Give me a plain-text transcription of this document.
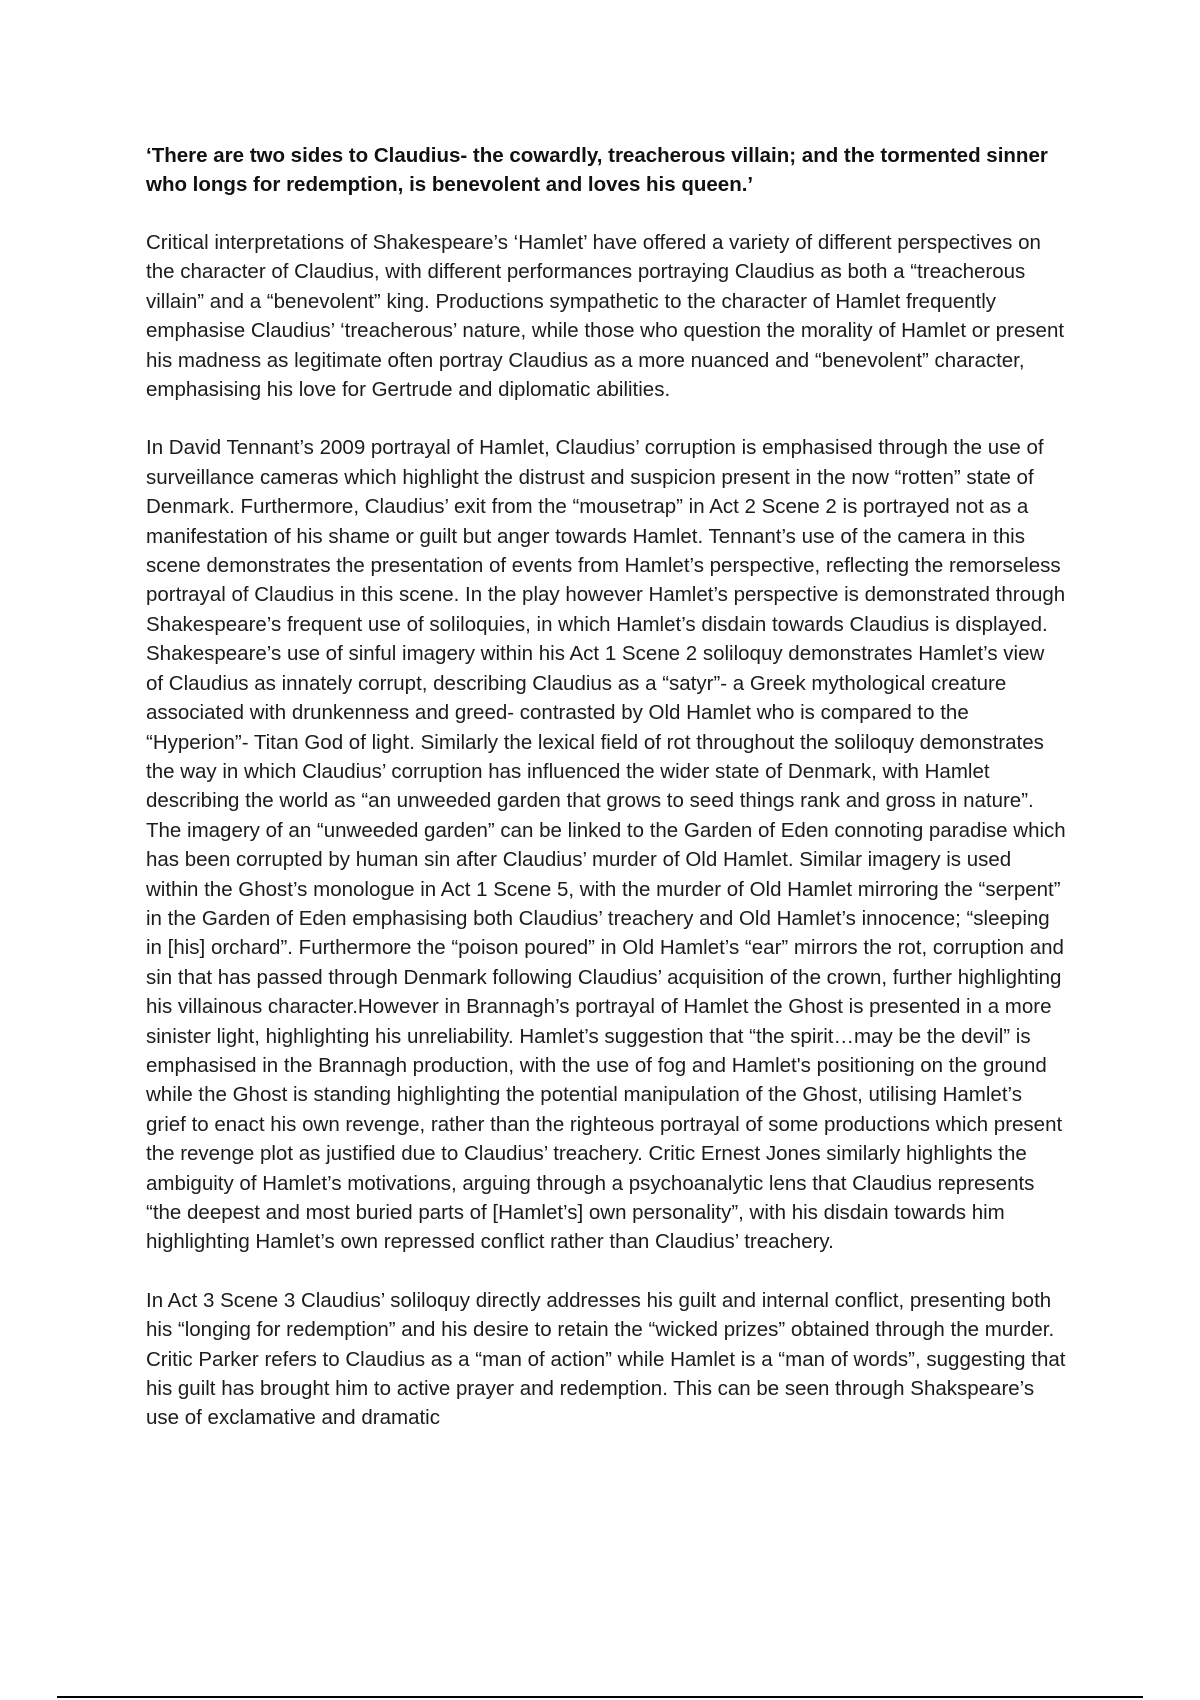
‘There are two sides to Claudius- the cowardly, treacherous villain; and the tormented sinner who longs for redemption, is benevolent and loves his queen.’

Critical interpretations of Shakespeare’s ‘Hamlet’ have offered a variety of different perspectives on the character of Claudius, with different performances portraying Claudius as both a “treacherous villain” and a “benevolent” king. Productions sympathetic to the character of Hamlet frequently emphasise Claudius’ ‘treacherous’ nature, while those who question the morality of Hamlet or present his madness as legitimate often portray Claudius as a more nuanced and “benevolent” character, emphasising his love for Gertrude and diplomatic abilities.

In David Tennant’s 2009 portrayal of Hamlet, Claudius’ corruption is emphasised through the use of surveillance cameras which highlight the distrust and suspicion present in the now “rotten” state of Denmark. Furthermore, Claudius’ exit from the “mousetrap” in Act 2 Scene 2 is portrayed not as a manifestation of his shame or guilt but anger towards Hamlet. Tennant’s use of the camera in this scene demonstrates the presentation of events from Hamlet’s perspective, reflecting the remorseless portrayal of Claudius in this scene. In the play however Hamlet’s perspective is demonstrated through Shakespeare’s frequent use of soliloquies, in which Hamlet’s disdain towards Claudius is displayed. Shakespeare’s use of sinful imagery within his Act 1 Scene 2 soliloquy demonstrates Hamlet’s view of Claudius as innately corrupt, describing Claudius as a “satyr”- a Greek mythological creature associated with drunkenness and greed- contrasted by Old Hamlet who is compared to the “Hyperion”- Titan God of light. Similarly the lexical field of rot throughout the soliloquy demonstrates the way in which Claudius’ corruption has influenced the wider state of Denmark, with Hamlet describing the world as “an unweeded garden that grows to seed things rank and gross in nature”. The imagery of an “unweeded garden” can be linked to the Garden of Eden connoting paradise which has been corrupted by human sin after Claudius’ murder of Old Hamlet. Similar imagery is used within the Ghost’s monologue in Act 1 Scene 5, with the murder of Old Hamlet mirroring the “serpent” in the Garden of Eden emphasising both Claudius’ treachery and Old Hamlet’s innocence; “sleeping in [his] orchard”. Furthermore the “poison poured” in Old Hamlet’s “ear” mirrors the rot, corruption and sin that has passed through Denmark following Claudius’ acquisition of the crown, further highlighting his villainous character.However in Brannagh’s portrayal of Hamlet the Ghost is presented in a more sinister light, highlighting his unreliability. Hamlet’s suggestion that “the spirit…may be the devil” is emphasised in the Brannagh production, with the use of fog and Hamlet's positioning on the ground while the Ghost is standing highlighting the potential manipulation of the Ghost, utilising Hamlet’s grief to enact his own revenge, rather than the righteous portrayal of some productions which present the revenge plot as justified due to Claudius’ treachery. Critic Ernest Jones similarly highlights the ambiguity of Hamlet’s motivations, arguing through a psychoanalytic lens that Claudius represents “the deepest and most buried parts of [Hamlet’s] own personality”, with his disdain towards him highlighting Hamlet’s own repressed conflict rather than Claudius’ treachery.

In Act 3 Scene 3 Claudius’ soliloquy directly addresses his guilt and internal conflict, presenting both his “longing for redemption” and his desire to retain the “wicked prizes” obtained through the murder. Critic Parker refers to Claudius as a “man of action” while Hamlet is a “man of words”, suggesting that his guilt has brought him to active prayer and redemption. This can be seen through Shakspeare’s use of exclamative and dramatic
